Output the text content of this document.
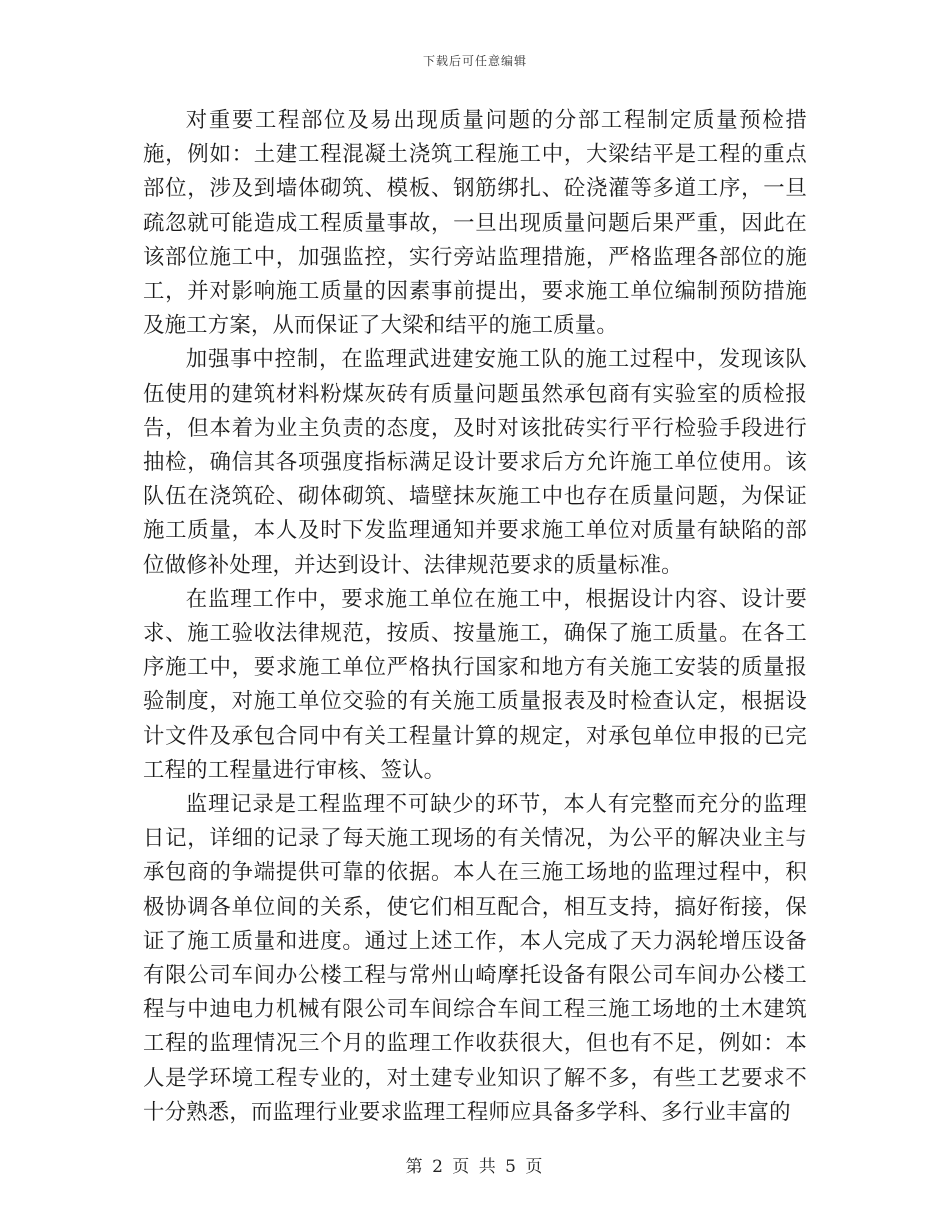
下载后可任意编辑

对重要工程部位及易出现质量问题的分部工程制定质量预检措施，例如：土建工程混凝土浇筑工程施工中，大梁结平是工程的重点部位，涉及到墙体砌筑、模板、钢筋绑扎、砼浇灌等多道工序，一旦疏忽就可能造成工程质量事故，一旦出现质量问题后果严重，因此在该部位施工中，加强监控，实行旁站监理措施，严格监理各部位的施工，并对影响施工质量的因素事前提出，要求施工单位编制预防措施及施工方案，从而保证了大梁和结平的施工质量。

加强事中控制，在监理武进建安施工队的施工过程中，发现该队伍使用的建筑材料粉煤灰砖有质量问题虽然承包商有实验室的质检报告，但本着为业主负责的态度，及时对该批砖实行平行检验手段进行抽检，确信其各项强度指标满足设计要求后方允许施工单位使用。该队伍在浇筑砼、砌体砌筑、墙壁抹灰施工中也存在质量问题，为保证施工质量，本人及时下发监理通知并要求施工单位对质量有缺陷的部位做修补处理，并达到设计、法律规范要求的质量标准。

在监理工作中，要求施工单位在施工中，根据设计内容、设计要求、施工验收法律规范，按质、按量施工，确保了施工质量。在各工序施工中，要求施工单位严格执行国家和地方有关施工安装的质量报验制度，对施工单位交验的有关施工质量报表及时检查认定，根据设计文件及承包合同中有关工程量计算的规定，对承包单位申报的已完工程的工程量进行审核、签认。

监理记录是工程监理不可缺少的环节，本人有完整而充分的监理日记，详细的记录了每天施工现场的有关情况，为公平的解决业主与承包商的争端提供可靠的依据。本人在三施工场地的监理过程中，积极协调各单位间的关系，使它们相互配合，相互支持，搞好衔接，保证了施工质量和进度。通过上述工作，本人完成了天力涡轮增压设备有限公司车间办公楼工程与常州山崎摩托设备有限公司车间办公楼工程与中迪电力机械有限公司车间综合车间工程三施工场地的土木建筑工程的监理情况三个月的监理工作收获很大，但也有不足，例如：本人是学环境工程专业的，对土建专业知识了解不多，有些工艺要求不十分熟悉，而监理行业要求监理工程师应具备多学科、多行业丰富的

第 2 页 共 5 页
